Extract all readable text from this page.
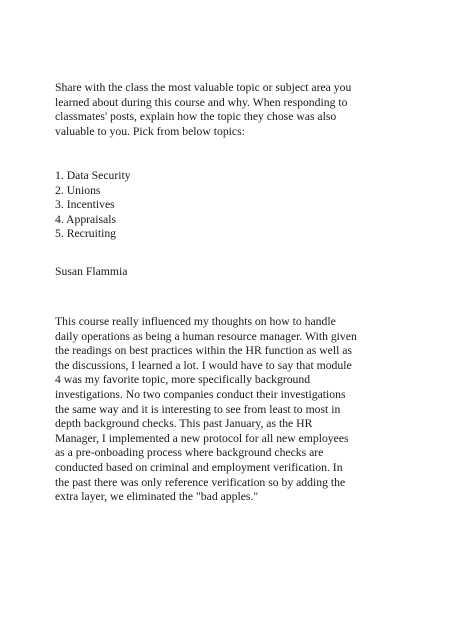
Share with the class the most valuable topic or subject area you
learned about during this course and why. When responding to
classmates' posts, explain how the topic they chose was also
valuable to you. Pick from below topics:
1. Data Security
2. Unions
3. Incentives
4. Appraisals
5. Recruiting
Susan Flammia
This course really influenced my thoughts on how to handle
daily operations as being a human resource manager. With given
the readings on best practices within the HR function as well as
the discussions, I learned a lot. I would have to say that module
4 was my favorite topic, more specifically background
investigations. No two companies conduct their investigations
the same way and it is interesting to see from least to most in
depth background checks. This past January, as the HR
Manager, I implemented a new protocol for all new employees
as a pre-onboading process where background checks are
conducted based on criminal and employment verification. In
the past there was only reference verification so by adding the
extra layer, we eliminated the "bad apples."
